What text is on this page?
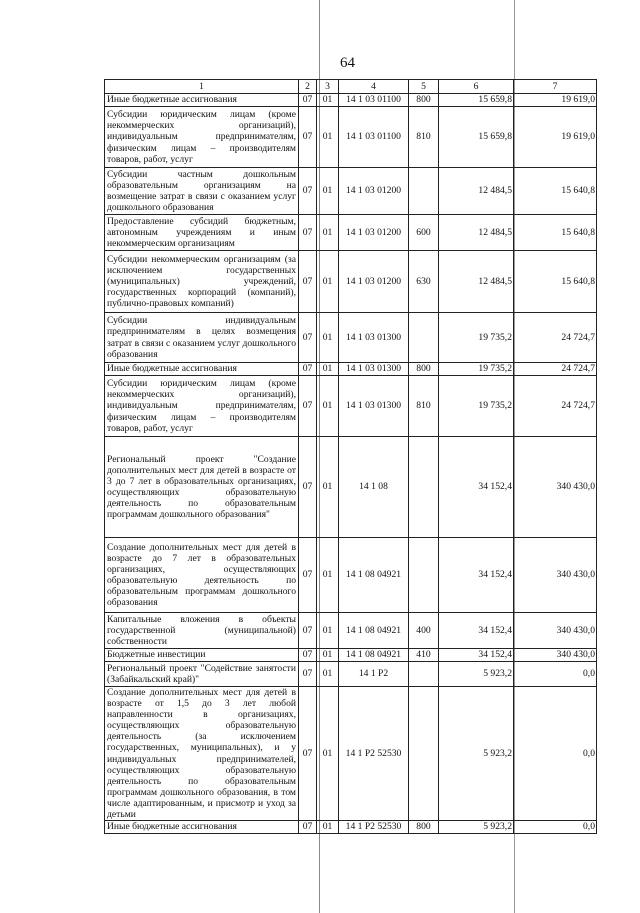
64
1	2	3	4	5	6	7
Иные бюджетные ассигнования	07	01	14 1 03 01100	800	15 659,8	19 619,0
Субсидии юридическим лицам (кроме некоммерческих организаций), индивидуальным предпринимателям, физическим лицам – производителям товаров, работ, услуг	07	01	14 1 03 01100	810	15 659,8	19 619,0
Субсидии частным дошкольным образовательным организациям на возмещение затрат в связи с оказанием услуг дошкольного образования	07	01	14 1 03 01200		12 484,5	15 640,8
Предоставление субсидий бюджетным, автономным учреждениям и иным некоммерческим организациям	07	01	14 1 03 01200	600	12 484,5	15 640,8
Субсидии некоммерческим организациям (за исключением государственных (муниципальных) учреждений, государственных корпораций (компаний), публично-правовых компаний)	07	01	14 1 03 01200	630	12 484,5	15 640,8
Субсидии индивидуальным предпринимателям в целях возмещения затрат в связи с оказанием услуг дошкольного образования	07	01	14 1 03 01300		19 735,2	24 724,7
Иные бюджетные ассигнования	07	01	14 1 03 01300	800	19 735,2	24 724,7
Субсидии юридическим лицам (кроме некоммерческих организаций), индивидуальным предпринимателям, физическим лицам – производителям товаров, работ, услуг	07	01	14 1 03 01300	810	19 735,2	24 724,7
Региональный проект "Создание дополнительных мест для детей в возрасте от 3 до 7 лет в образовательных организациях, осуществляющих образовательную деятельность по образовательным программам дошкольного образования"	07	01	14 1 08		34 152,4	340 430,0
Создание дополнительных мест для детей в возрасте до 7 лет в образовательных организациях, осуществляющих образовательную деятельность по образовательным программам дошкольного образования	07	01	14 1 08 04921		34 152,4	340 430,0
Капитальные вложения в объекты государственной (муниципальной) собственности	07	01	14 1 08 04921	400	34 152,4	340 430,0
Бюджетные инвестиции	07	01	14 1 08 04921	410	34 152,4	340 430,0
Региональный проект "Содействие занятости (Забайкальский край)"	07	01	14 1 P2		5 923,2	0,0
Создание дополнительных мест для детей в возрасте от 1,5 до 3 лет любой направленности в организациях, осуществляющих образовательную деятельность (за исключением государственных, муниципальных), и у индивидуальных предпринимателей, осуществляющих образовательную деятельность по образовательным программам дошкольного образования, в том числе адаптированным, и присмотр и уход за детьми	07	01	14 1 P2 52530		5 923,2	0,0
Иные бюджетные ассигнования	07	01	14 1 P2 52530	800	5 923,2	0,0
